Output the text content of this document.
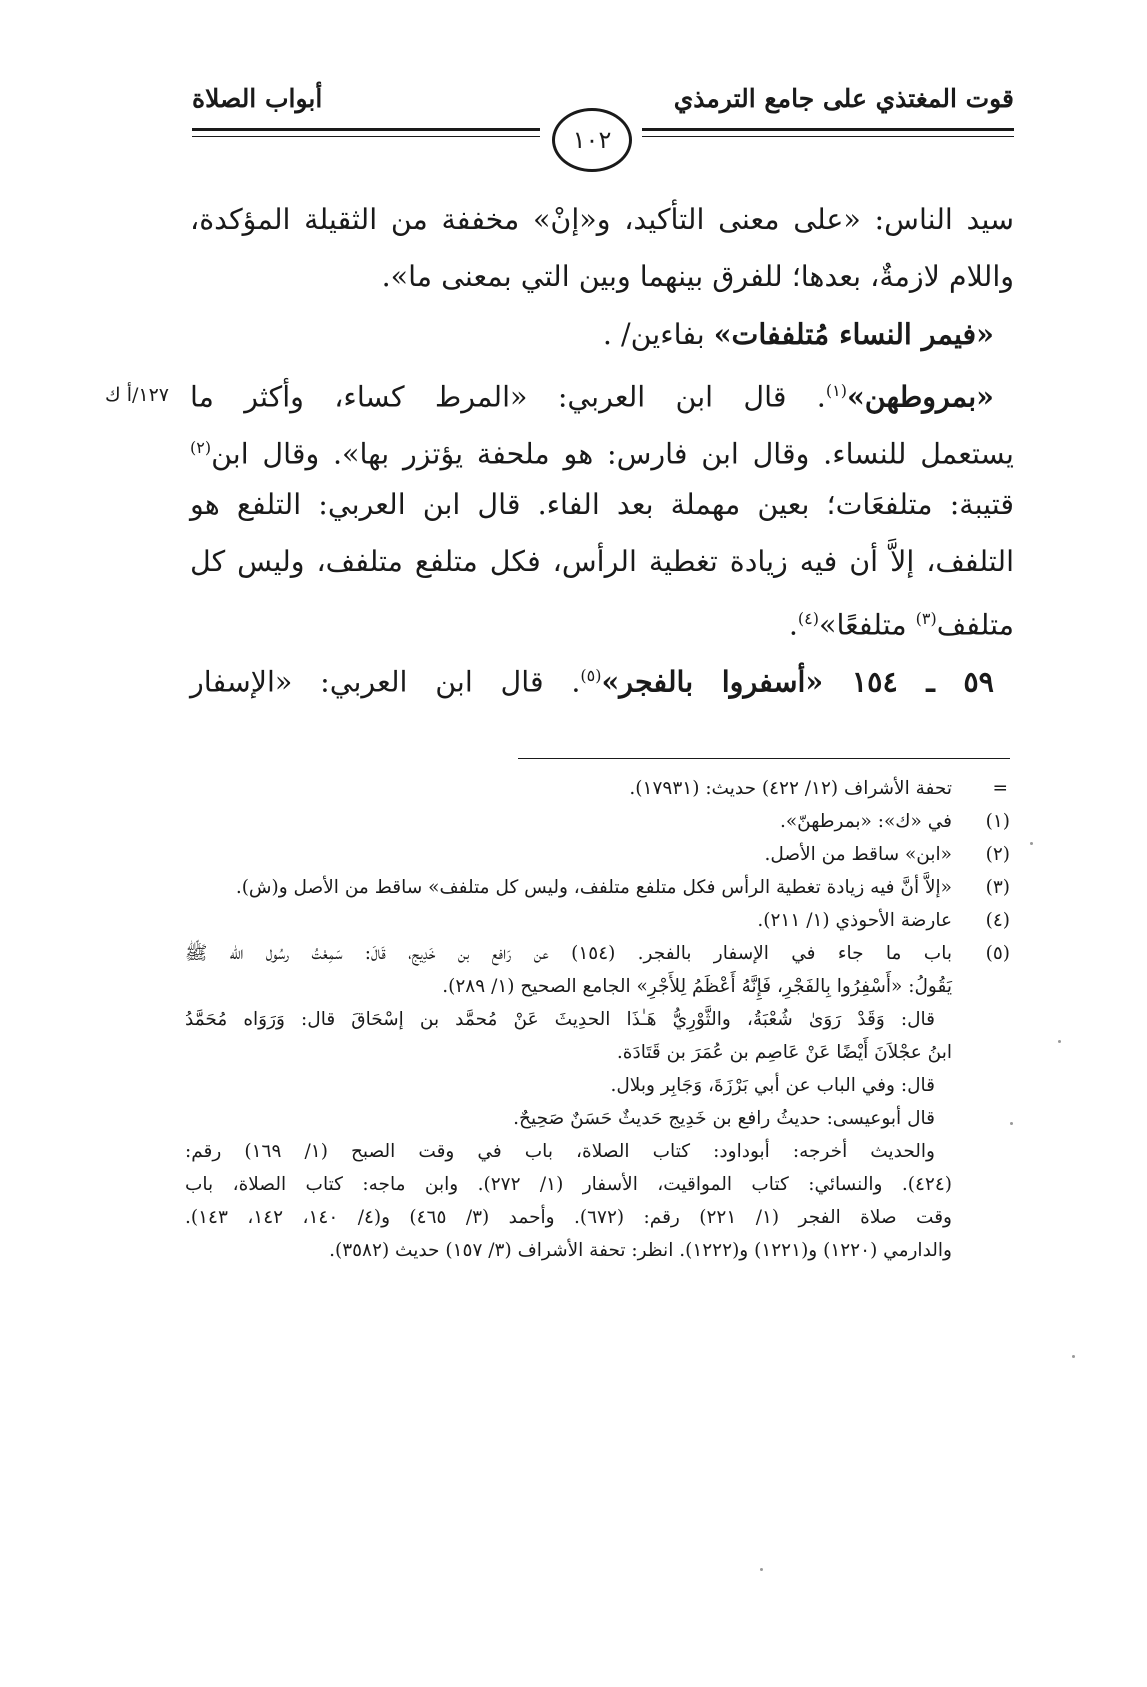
قوت المغتذي على جامع الترمذي
أبواب الصلاة
١٠٢
سيد الناس: «على معنى التأكيد، و«إنْ» مخففة من الثقيلة المؤكدة،
واللام لازمةٌ، بعدها؛ للفرق بينهما وبين التي بمعنى ما».
«فيمر النساء مُتلففات» بفاءين/ .
«بمروطهن»$^{(١)}$. قال ابن العربي: «المرط كساء، وأكثر ما
١٢٧/أ ك
يستعمل للنساء. وقال ابن فارس: هو ملحفة يؤتزر بها». وقال ابن$^{(٢)}$
قتيبة: متلفعَات؛ بعين مهملة بعد الفاء. قال ابن العربي: التلفع هو
التلفف، إلاَّ أن فيه زيادة تغطية الرأس، فكل متلفع متلفف، وليس كل
متلفف$^{(٣)}$ متلفعًا»$^{(٤)}$.
٥٩ ـ ١٥٤ «أسفروا بالفجر»$^{(٥)}$. قال ابن العربي: «الإسفار
=
تحفة الأشراف (١٢/ ٤٢٢) حديث: (١٧٩٣١).
(١)
في «ك»: «بمرطهنّ».
(٢)
«ابن» ساقط من الأصل.
(٣)
«إلاَّ أنَّ فيه زيادة تغطية الرأس فكل متلفع متلفف، وليس كل متلفف» ساقط من الأصل و(ش).
(٤)
عارضة الأحوذي (١/ ٢١١).
(٥)
باب ما جاء في الإسفار بالفجر. (١٥٤) عن رَافع بن خَدِيج، قَالَ: سَمِعْتُ رسُول الله ﷺ
يَقُولُ: «أَسْفِرُوا بِالفَجْرِ، فَإِنَّهُ أَعْظَمُ لِلأَجْرِ» الجامع الصحيح (١/ ٢٨٩).
قال: وَقَدْ رَوَىٰ شُعْبَةُ، والثَّوْرِيُّ هَـٰذَا الحدِيثَ عَنْ مُحمَّد بن إسْحَاقَ قال: وَرَوَاه مُحَمَّدُ
ابنُ عجْلاَنَ أَيْضًا عَنْ عَاصِم بن عُمَرَ بن قَتَادَة.
قال: وفي الباب عن أبي بَرْزَةَ، وَجَابِر وبلال.
قال أبوعيسى: حديثُ رافع بن خَدِيج حَديثٌ حَسَنٌ صَحِيحٌ.
والحديث أخرجه: أبوداود: كتاب الصلاة، باب في وقت الصبح (١/ ١٦٩) رقم:
(٤٢٤). والنسائي: كتاب المواقيت، الأسفار (١/ ٢٧٢). وابن ماجه: كتاب الصلاة، باب
وقت صلاة الفجر (١/ ٢٢١) رقم: (٦٧٢). وأحمد (٣/ ٤٦٥) و(٤/ ١٤٠، ١٤٢، ١٤٣).
والدارمي (١٢٢٠) و(١٢٢١) و(١٢٢٢). انظر: تحفة الأشراف (٣/ ١٥٧) حديث (٣٥٨٢).
